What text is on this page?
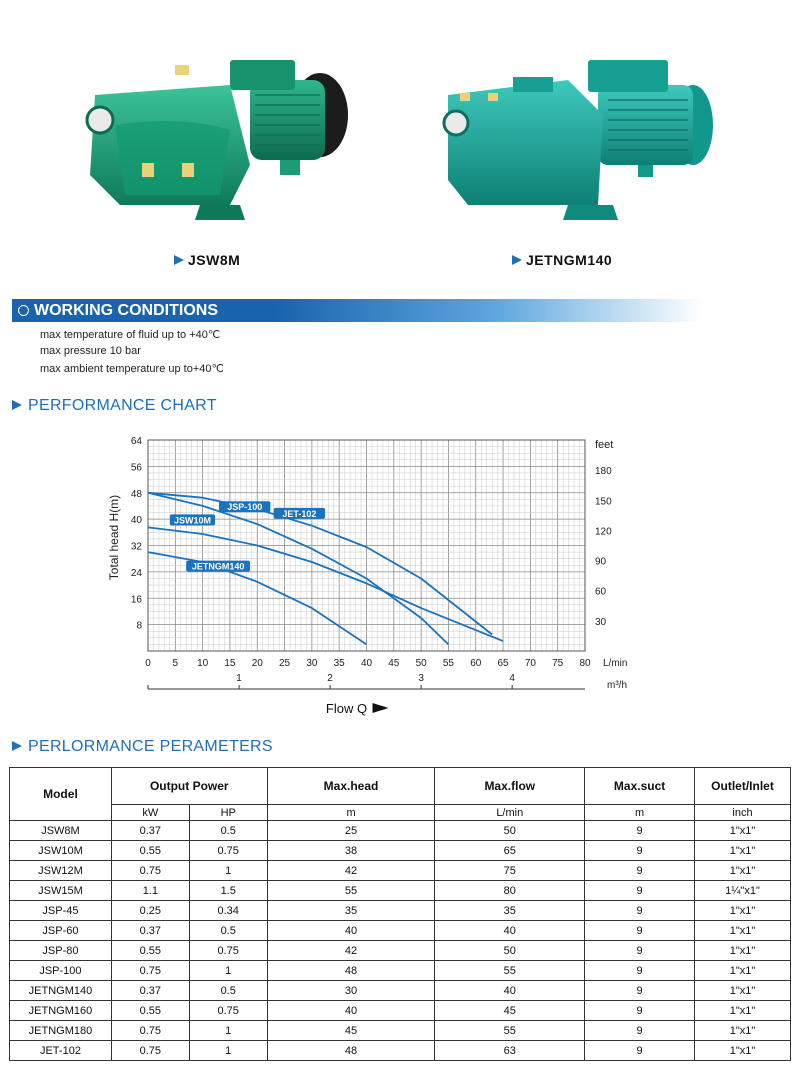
JSW8M	JETNGM140
WORKING CONDITIONS
max temperature of fluid up to +40℃
max pressure 10 bar
max ambient temperature up to+40℃
PERFORMANCE CHART
8
16
24
32
40
48
56
64
0 5 10 15 20 25 30 35 40 45 50 55 60 65 70 75 80 L/min
1	2	3	4
m³/h
30
60
90
120
150
180
feet
Total head H(m)
Flow Q
JET-102
JSP-100
JSW10M
JETNGM140
PERLORMANCE PERAMETERS
Model	Output Power		Max.head	Max.flow	Max.suct	Outlet/Inlet
	kW	HP	m	L/min	m	inch
JSW8M	0.37	0.5	25	50	9	1"x1"
JSW10M	0.55	0.75	38	65	9	1"x1"
JSW12M	0.75	1	42	75	9	1"x1"
JSW15M	1.1	1.5	55	80	9	1¼"x1"
JSP-45	0.25	0.34	35	35	9	1"x1"
JSP-60	0.37	0.5	40	40	9	1"x1"
JSP-80	0.55	0.75	42	50	9	1"x1"
JSP-100	0.75	1	48	55	9	1"x1"
JETNGM140	0.37	0.5	30	40	9	1"x1"
JETNGM160	0.55	0.75	40	45	9	1"x1"
JETNGM180	0.75	1	45	55	9	1"x1"
JET-102	0.75	1	48	63	9	1"x1"
